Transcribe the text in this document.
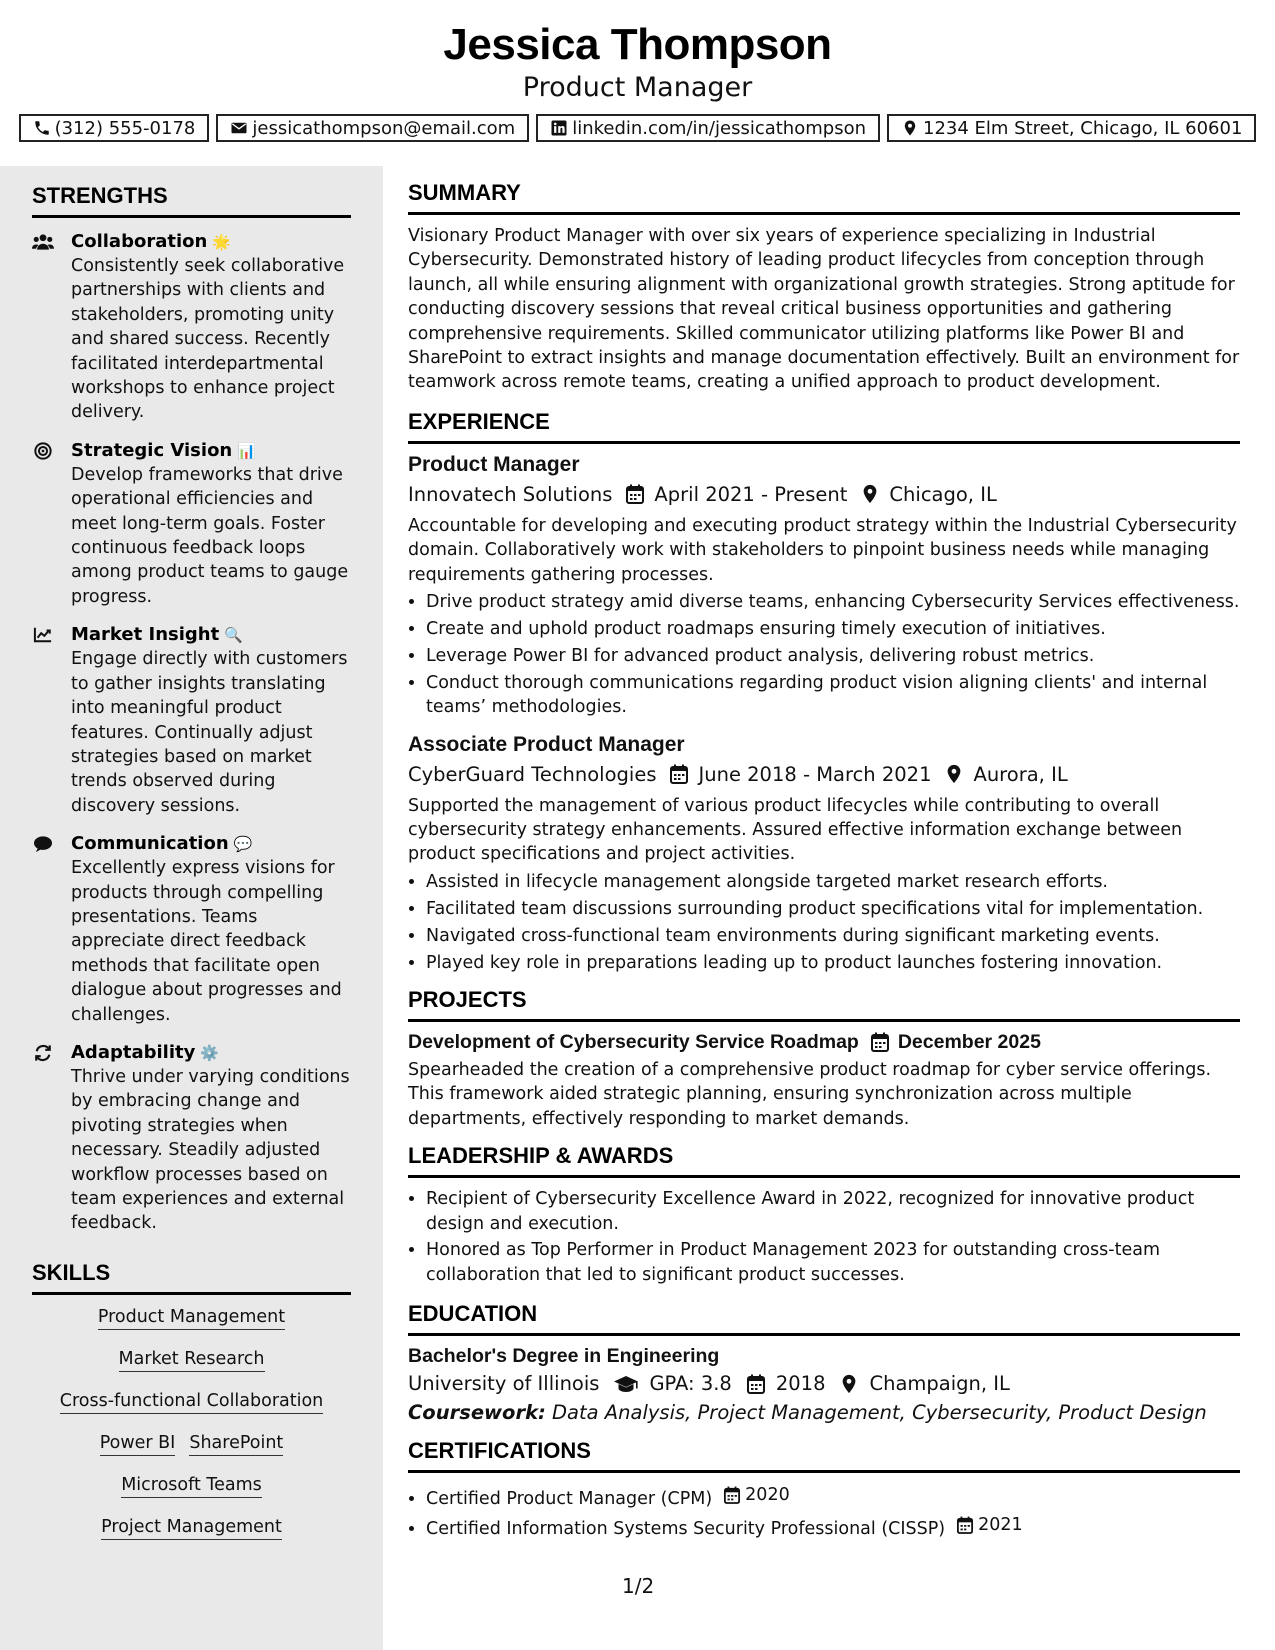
Jessica Thompson
Product Manager
(312) 555-0178	jessicathompson@email.com	linkedin.com/in/jessicathompson	1234 Elm Street, Chicago, IL 60601
STRENGTHS
Collaboration 🌟
Consistently seek collaborative partnerships with clients and stakeholders, promoting unity and shared success. Recently facilitated interdepartmental workshops to enhance project delivery.
Strategic Vision 📊
Develop frameworks that drive operational efficiencies and meet long-term goals. Foster continuous feedback loops among product teams to gauge progress.
Market Insight 🔍
Engage directly with customers to gather insights translating into meaningful product features. Continually adjust strategies based on market trends observed during discovery sessions.
Communication 💬
Excellently express visions for products through compelling presentations. Teams appreciate direct feedback methods that facilitate open dialogue about progresses and challenges.
Adaptability ⚙️
Thrive under varying conditions by embracing change and pivoting strategies when necessary. Steadily adjusted workflow processes based on team experiences and external feedback.
SKILLS
Product Management
Market Research
Cross-functional Collaboration
Power BI SharePoint
Microsoft Teams
Project Management
SUMMARY

Visionary Product Manager with over six years of experience specializing in Industrial Cybersecurity. Demonstrated history of leading product lifecycles from conception through launch, all while ensuring alignment with organizational growth strategies. Strong aptitude for conducting discovery sessions that reveal critical business opportunities and gathering comprehensive requirements. Skilled communicator utilizing platforms like Power BI and SharePoint to extract insights and manage documentation effectively. Built an environment for teamwork across remote teams, creating a unified approach to product development.

EXPERIENCE
Product Manager
Innovatech Solutions April 2021 - Present Chicago, IL

Accountable for developing and executing product strategy within the Industrial Cybersecurity domain. Collaboratively work with stakeholders to pinpoint business needs while managing requirements gathering processes.

• Drive product strategy amid diverse teams, enhancing Cybersecurity Services effectiveness.
• Create and uphold product roadmaps ensuring timely execution of initiatives.
• Leverage Power BI for advanced product analysis, delivering robust metrics.
• Conduct thorough communications regarding product vision aligning clients' and internal teams’ methodologies.
Associate Product Manager
CyberGuard Technologies June 2018 - March 2021 Aurora, IL

Supported the management of various product lifecycles while contributing to overall cybersecurity strategy enhancements. Assured effective information exchange between product specifications and project activities.

• Assisted in lifecycle management alongside targeted market research efforts.
• Facilitated team discussions surrounding product specifications vital for implementation.
• Navigated cross-functional team environments during significant marketing events.
• Played key role in preparations leading up to product launches fostering innovation.
PROJECTS
Development of Cybersecurity Service Roadmap December 2025

Spearheaded the creation of a comprehensive product roadmap for cyber service offerings. This framework aided strategic planning, ensuring synchronization across multiple departments, effectively responding to market demands.

LEADERSHIP & AWARDS
• Recipient of Cybersecurity Excellence Award in 2022, recognized for innovative product design and execution.
• Honored as Top Performer in Product Management 2023 for outstanding cross-team collaboration that led to significant product successes.
EDUCATION
Bachelor's Degree in Engineering
University of Illinois	GPA: 3.8 2018 Champaign, IL
Coursework: Data Analysis, Project Management, Cybersecurity, Product Design
CERTIFICATIONS
• Certified Product Manager (CPM) 2020
• Certified Information Systems Security Professional (CISSP) 2021
1/2
